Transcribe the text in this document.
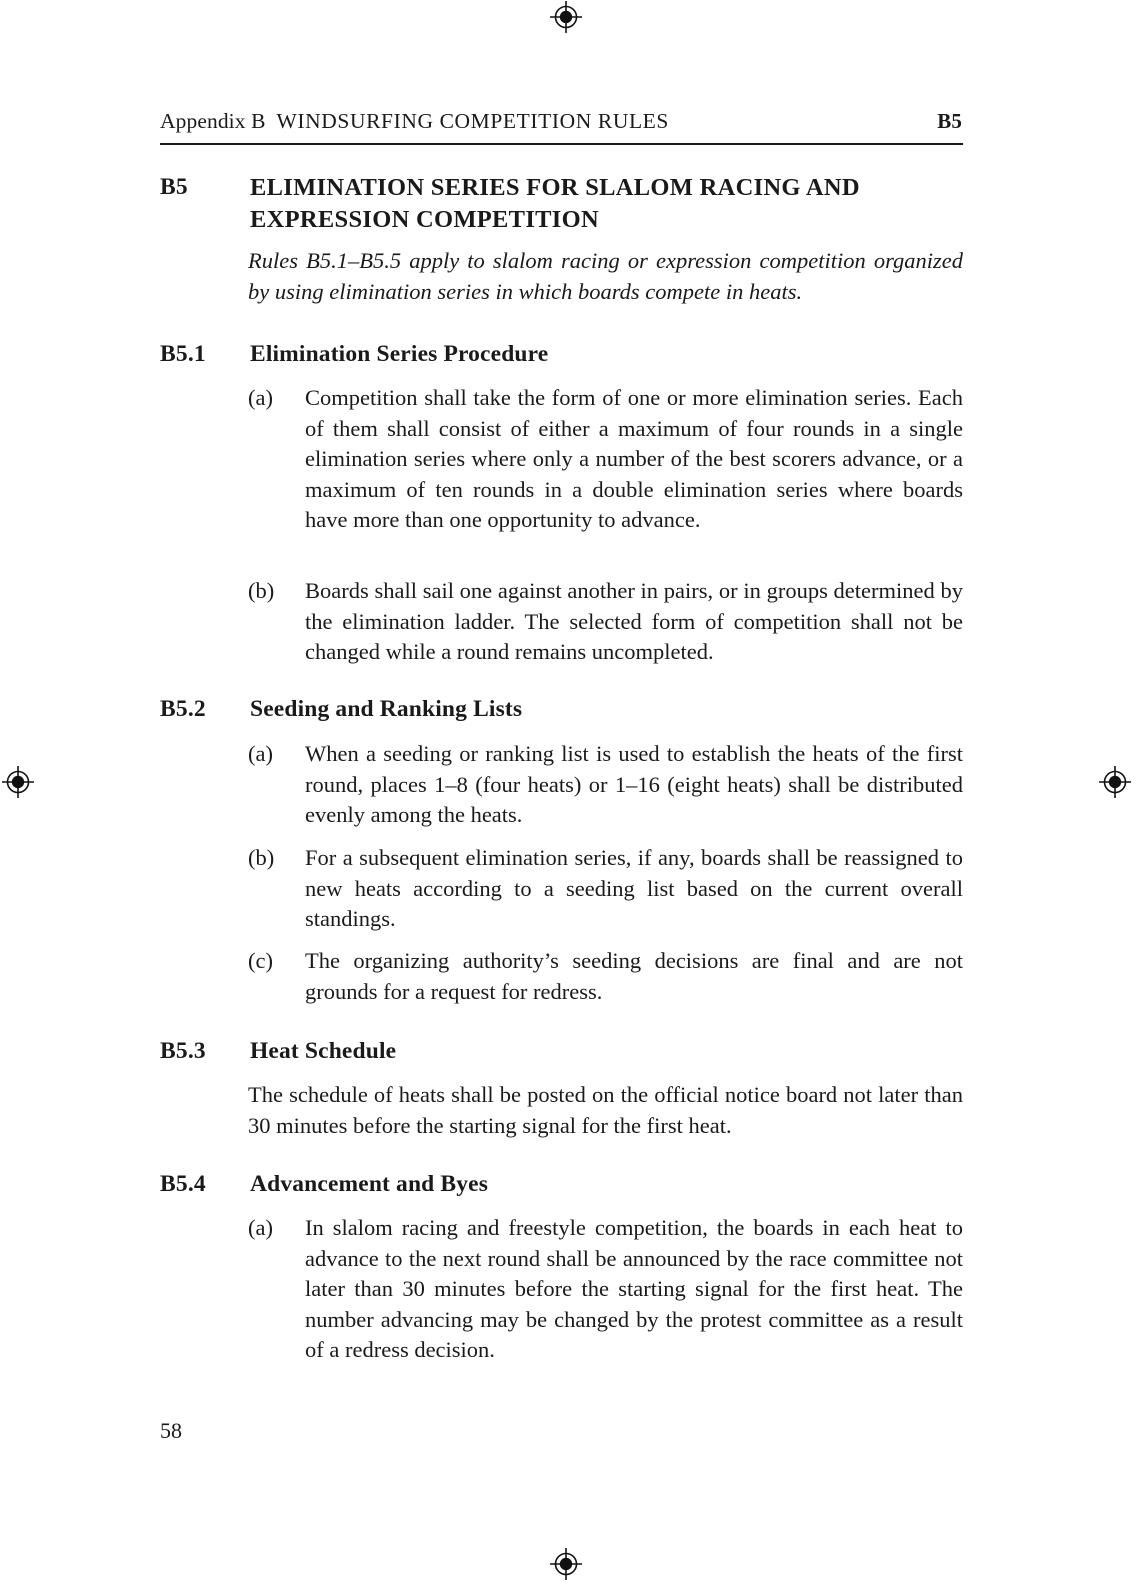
Appendix B WINDSURFING COMPETITION RULES	B5
B5	ELIMINATION SERIES FOR SLALOM RACING AND EXPRESSION COMPETITION
Rules B5.1–B5.5 apply to slalom racing or expression competition organized by using elimination series in which boards compete in heats.
B5.1	Elimination Series Procedure
(a)	Competition shall take the form of one or more elimination series. Each of them shall consist of either a maximum of four rounds in a single elimination series where only a number of the best scorers advance, or a maximum of ten rounds in a double elimination series where boards have more than one opportunity to advance.
(b)	Boards shall sail one against another in pairs, or in groups determined by the elimination ladder. The selected form of competition shall not be changed while a round remains uncompleted.
B5.2	Seeding and Ranking Lists
(a)	When a seeding or ranking list is used to establish the heats of the first round, places 1–8 (four heats) or 1–16 (eight heats) shall be distributed evenly among the heats.
(b)	For a subsequent elimination series, if any, boards shall be reassigned to new heats according to a seeding list based on the current overall standings.
(c)	The organizing authority’s seeding decisions are final and are not grounds for a request for redress.
B5.3	Heat Schedule
The schedule of heats shall be posted on the official notice board not later than 30 minutes before the starting signal for the first heat.
B5.4	Advancement and Byes
(a)	In slalom racing and freestyle competition, the boards in each heat to advance to the next round shall be announced by the race committee not later than 30 minutes before the starting signal for the first heat. The number advancing may be changed by the protest committee as a result of a redress decision.
58
